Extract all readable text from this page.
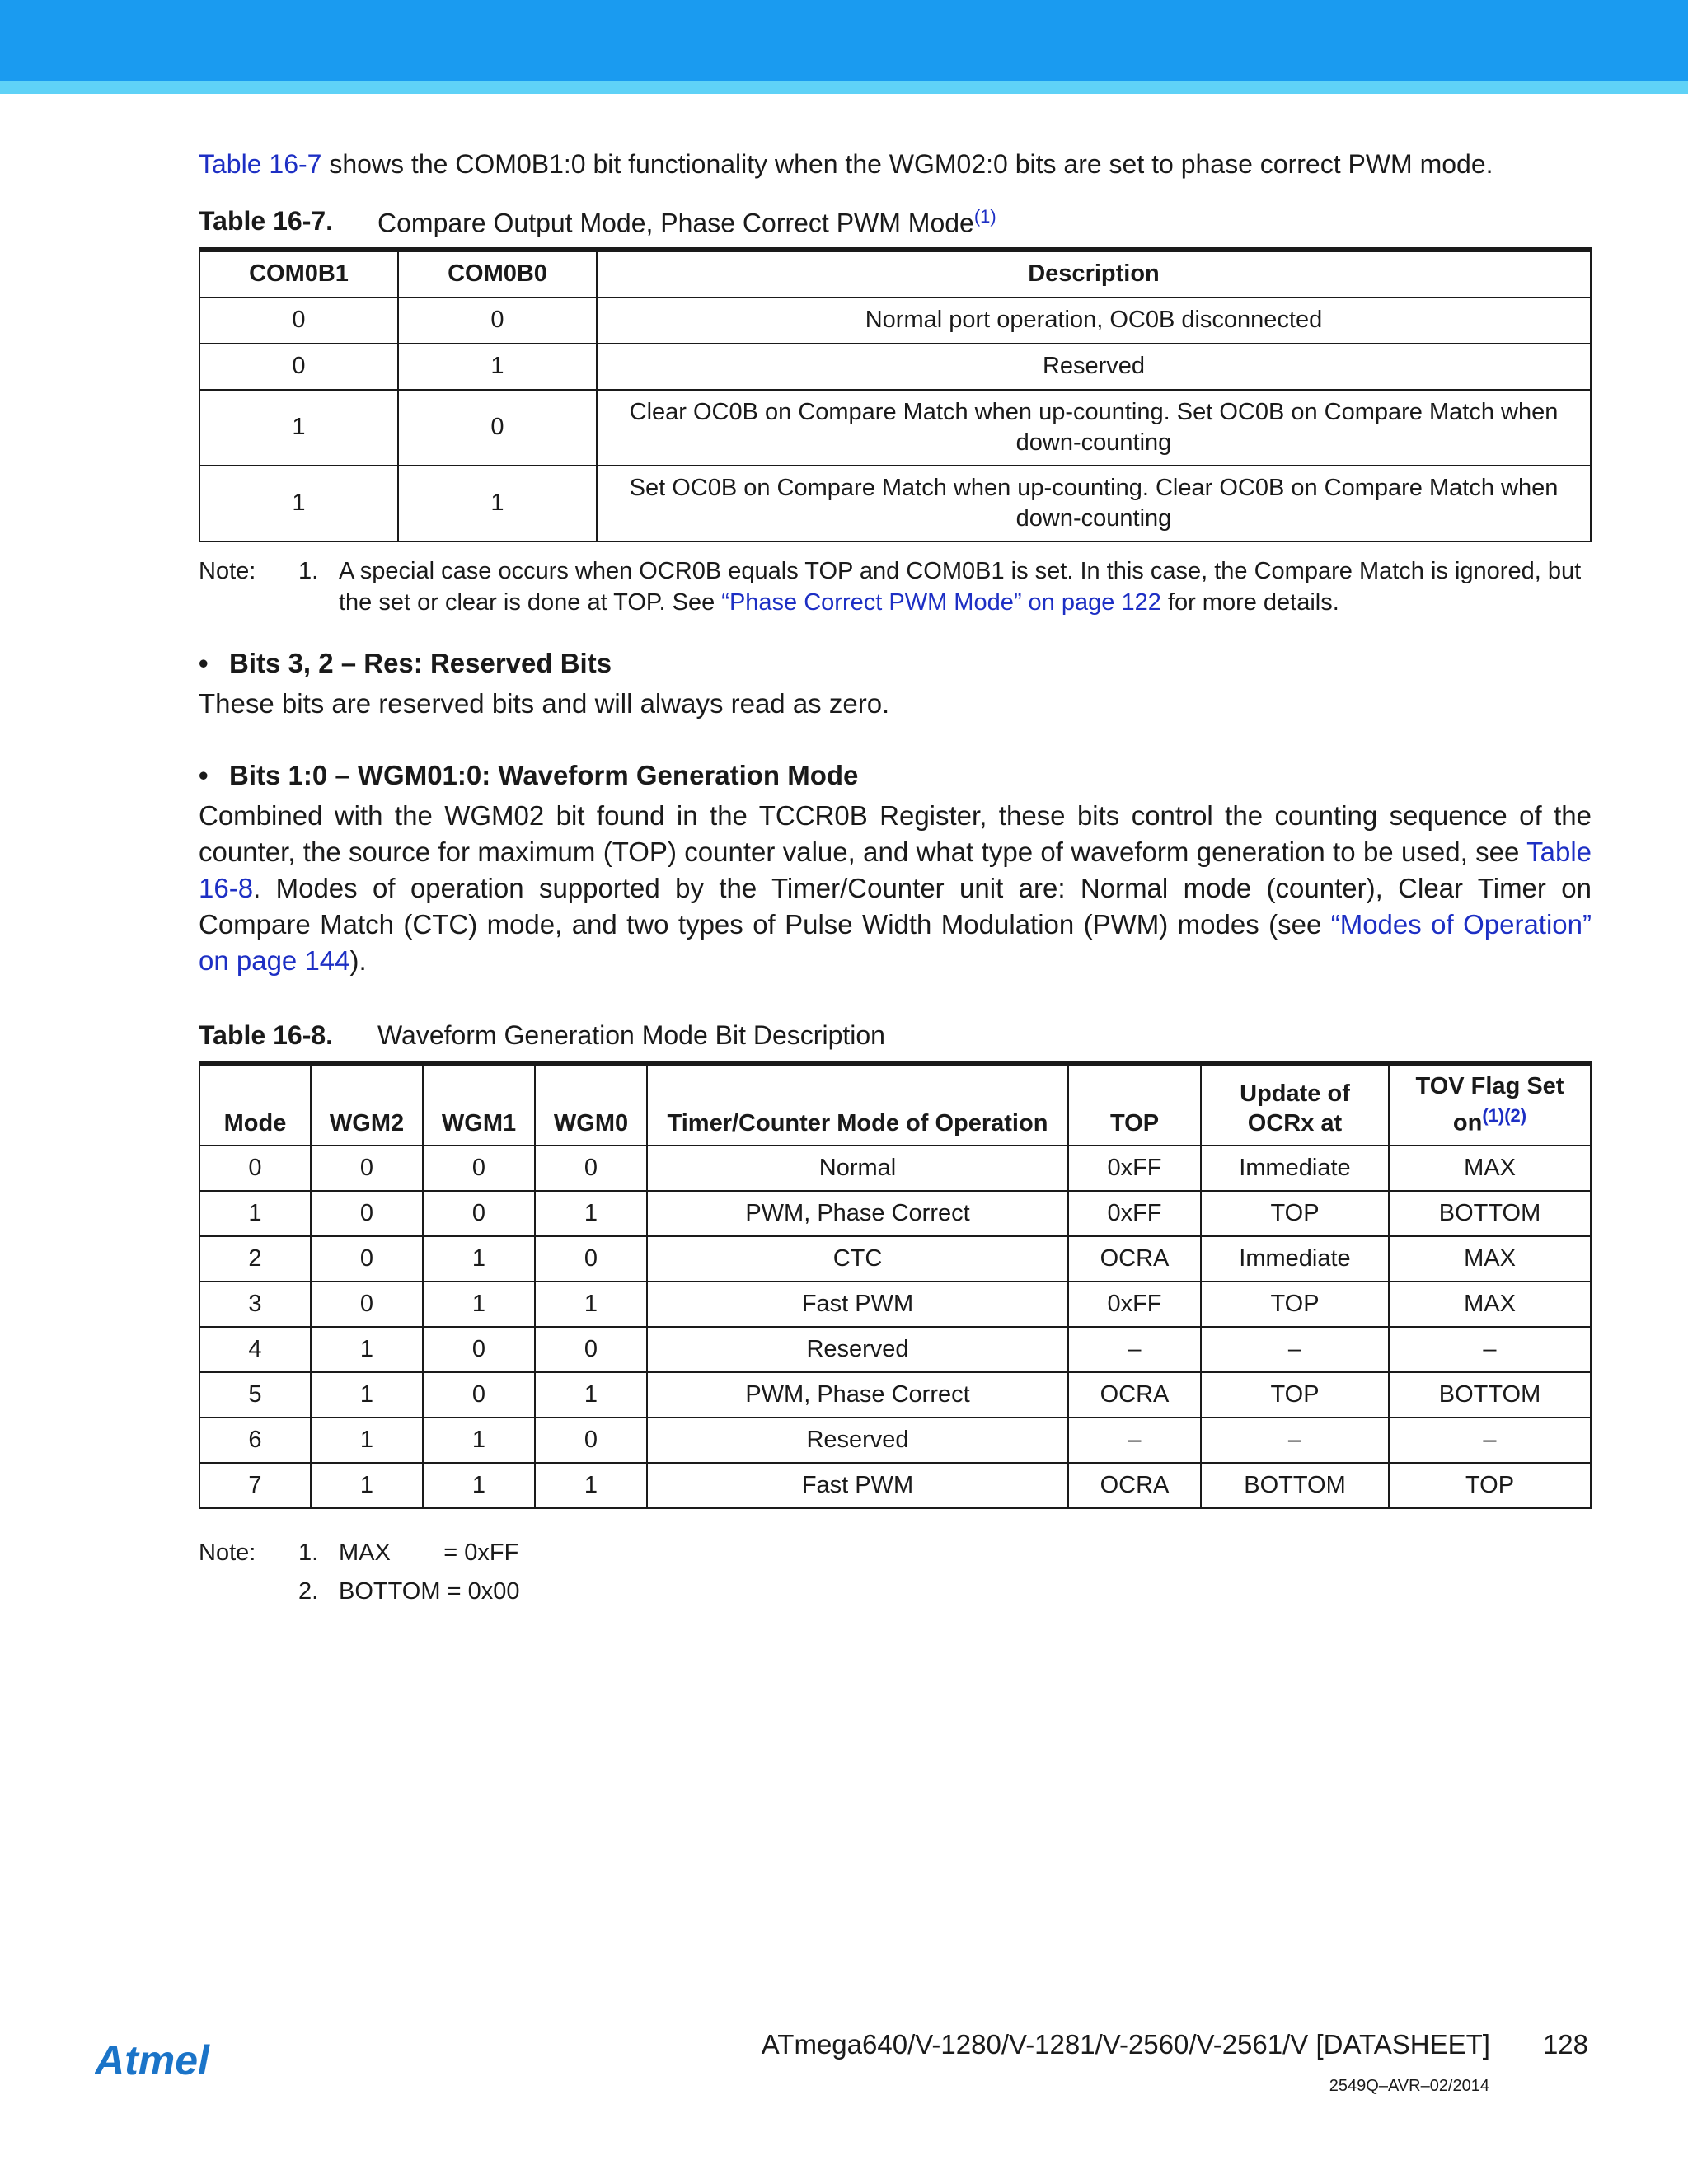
Table 16-7 shows the COM0B1:0 bit functionality when the WGM02:0 bits are set to phase correct PWM mode.

Table 16-7.	Compare Output Mode, Phase Correct PWM Mode$^{(1)}$
COM0B1	COM0B0	Description
0	0	Normal port operation, OC0B disconnected
0	1	Reserved
1	0	Clear OC0B on Compare Match when up-counting. Set OC0B on Compare Match when down-counting
1	1	Set OC0B on Compare Match when up-counting. Clear OC0B on Compare Match when down-counting
Note:	1. A special case occurs when OCR0B equals TOP and COM0B1 is set. In this case, the Compare Match is ignored, but the set or clear is done at TOP. See “Phase Correct PWM Mode” on page 122 for more details.
• Bits 3, 2 – Res: Reserved Bits
These bits are reserved bits and will always read as zero.
• Bits 1:0 – WGM01:0: Waveform Generation Mode
Combined with the WGM02 bit found in the TCCR0B Register, these bits control the counting sequence of the counter, the source for maximum (TOP) counter value, and what type of waveform generation to be used, see Table 16-8. Modes of operation supported by the Timer/Counter unit are: Normal mode (counter), Clear Timer on Compare Match (CTC) mode, and two types of Pulse Width Modulation (PWM) modes (see “Modes of Operation” on page 144).
Table 16-8.	Waveform Generation Mode Bit Description
Mode	WGM2	WGM1	WGM0	Timer/Counter Mode of Operation	TOP	Update of OCRx at	TOV Flag Set $on^{(1)(2)}$
0	0	0	0	Normal	0xFF	Immediate	MAX
1	0	0	1	PWM, Phase Correct	0xFF	TOP	BOTTOM
2	0	1	0	CTC	OCRA	Immediate	MAX
3	0	1	1	Fast PWM	0xFF	TOP	MAX
4	1	0	0	Reserved	–	–	–
5	1	0	1	PWM, Phase Correct	OCRA	TOP	BOTTOM
6	1	1	0	Reserved	–	–	–
7	1	1	1	Fast PWM	OCRA	BOTTOM	TOP
Note:	1. MAX        = 0xFF
2. BOTTOM = 0x00
Atmel	ATmega640/V-1280/V-1281/V-2560/V-2561/V [DATASHEET] 128
2549Q–AVR–02/2014
